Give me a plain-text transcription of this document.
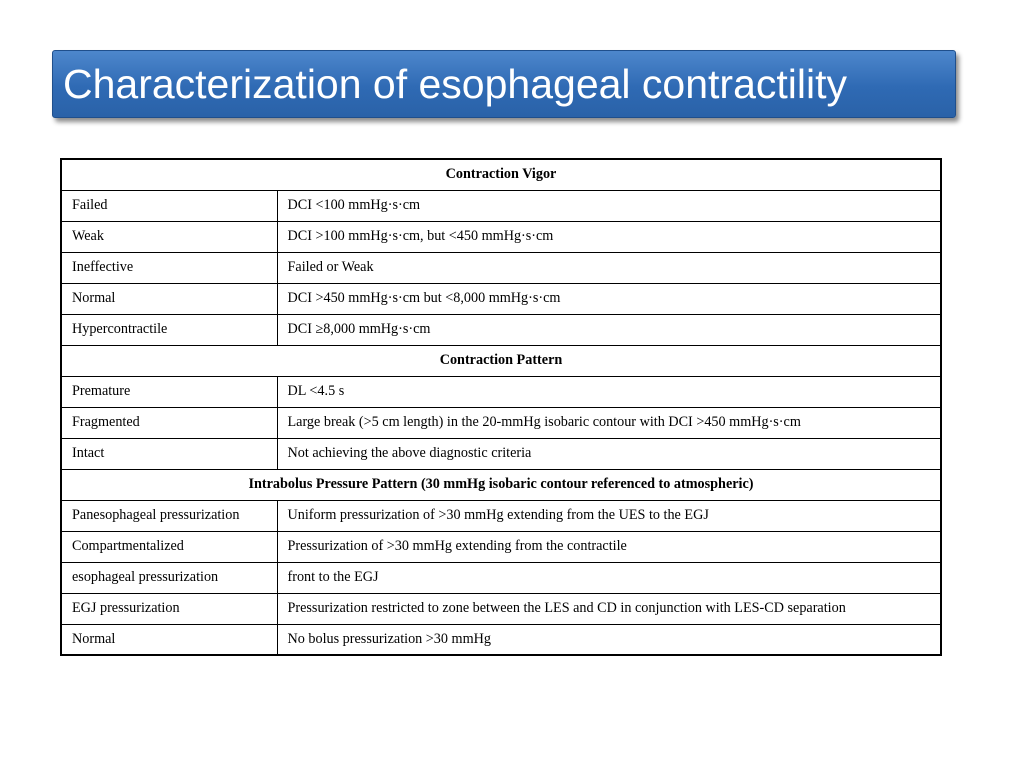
Characterization of esophageal contractility
Contraction Vigor	
Failed	DCI <100 mmHg·s·cm
Weak	DCI >100 mmHg·s·cm, but <450 mmHg·s·cm
Ineffective	Failed or Weak
Normal	DCI >450 mmHg·s·cm but <8,000 mmHg·s·cm
Hypercontractile	DCI ≥8,000 mmHg·s·cm
Contraction Pattern	
Premature	DL <4.5 s
Fragmented	Large break (>5 cm length) in the 20-mmHg isobaric contour with DCI >450 mmHg·s·cm
Intact	Not achieving the above diagnostic criteria
Intrabolus Pressure Pattern (30 mmHg isobaric contour referenced to atmospheric)	
Panesophageal pressurization	Uniform pressurization of >30 mmHg extending from the UES to the EGJ
Compartmentalized	Pressurization of >30 mmHg extending from the contractile
esophageal pressurization	front to the EGJ
EGJ pressurization	Pressurization restricted to zone between the LES and CD in conjunction with LES-CD separation
Normal	No bolus pressurization >30 mmHg
